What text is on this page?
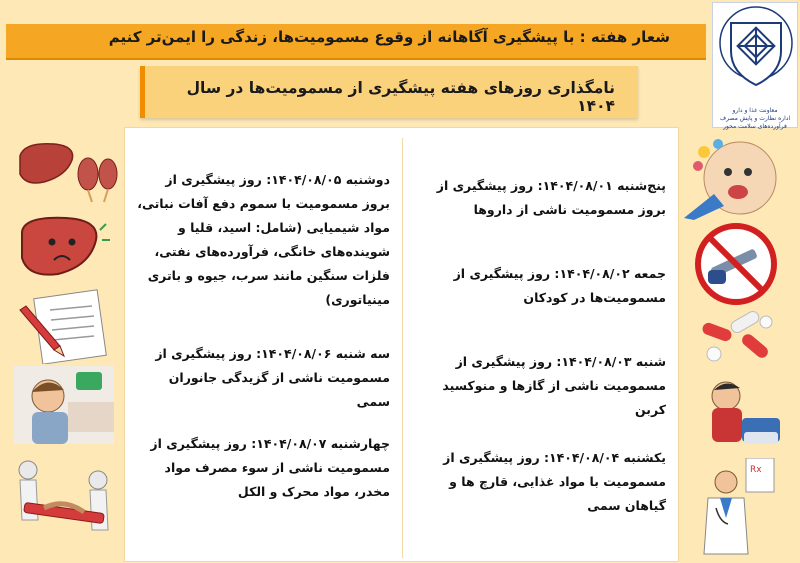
شعار هفته : با پیشگیری آگاهانه از وقوع مسمومیت‌ها، زندگی را ایمن‌تر کنیم
معاونت غذا و دارو
اداره نظارت و پایش مصرف فرآورده‌های سلامت محور
نامگذاری روزهای هفته پیشگیری از مسمومیت‌ها در سال ۱۴۰۴
پنج‌شنبه ۱۴۰۴/۰۸/۰۱: روز پیشگیری از بروز مسمومیت ناشی از داروها
جمعه ۱۴۰۴/۰۸/۰۲: روز پیشگیری از مسمومیت‌ها در کودکان
شنبه ۱۴۰۴/۰۸/۰۳: روز پیشگیری از مسمومیت ناشی از گازها و منوکسید کربن
یکشنبه ۱۴۰۴/۰۸/۰۴: روز پیشگیری از مسمومیت با مواد غذایی، قارچ ها و گیاهان سمی
دوشنبه ۱۴۰۴/۰۸/۰۵: روز پیشگیری از بروز مسمومیت با سموم دفع آفات نباتی، مواد شیمیایی (شامل: اسید، قلیا و شوینده‌های خانگی، فرآورده‌های نفتی، فلزات سنگین مانند سرب، جیوه و باتری مینیاتوری)
سه شنبه ۱۴۰۴/۰۸/۰۶: روز پیشگیری از مسمومیت ناشی از گزیدگی جانوران سمی
چهارشنبه ۱۴۰۴/۰۸/۰۷: روز پیشگیری از مسمومیت ناشی از سوء مصرف مواد مخدر، مواد محرک و الکل
Rx
